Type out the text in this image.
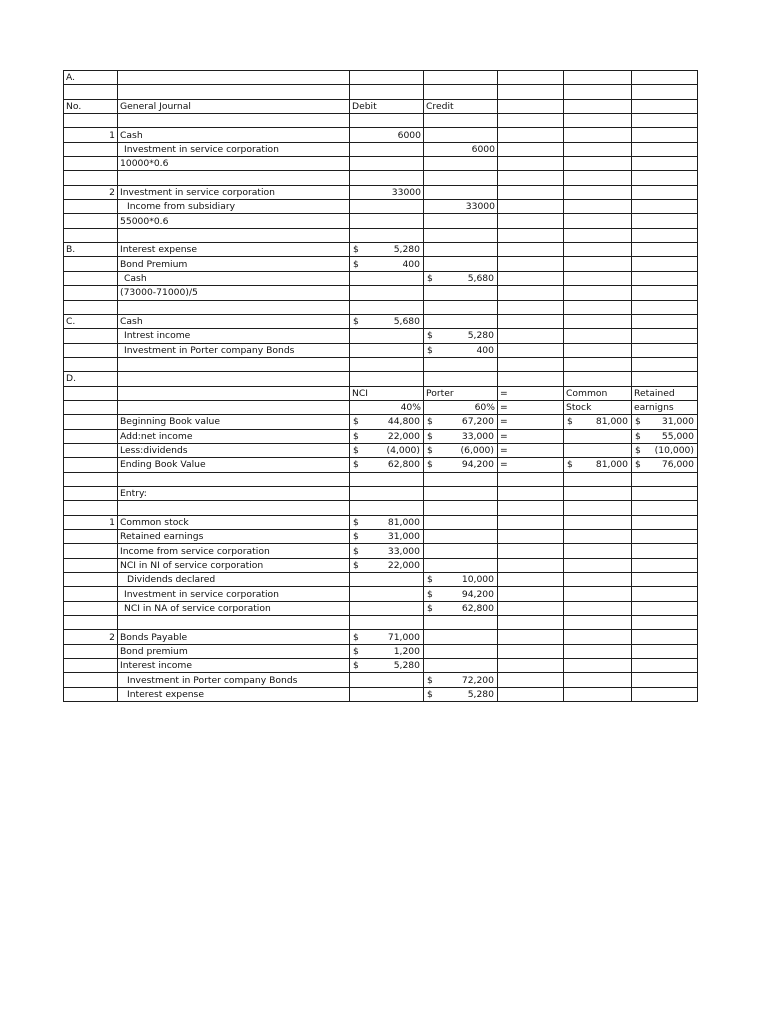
A.						

No.	General Journal	Debit	Credit			

1	Cash	6000				
	Investment in service corporation		6000			
	10000*0.6					

2	Investment in service corporation	33000				
	Income from subsidiary		33000			
	55000*0.6					

B.	Interest expense	$ 5,280				

	Bond Premium	$ 400				

	Cash		$ 5,680			

	(73000-71000)/5					

C.	Cash	$ 5,680				

	Intrest income		$ 5,280			

	Investment in Porter company Bonds		$ 400			

D.						
		NCI	Porter	=	Common	Retained
		40%	60%	=	Stock	earnigns
	Beginning Book value	$ 44,800	$ 67,200	=	$ 81,000	$ 31,000

	Add:net income	$ 22,000	$ 33,000	=		$ 55,000

	Less:dividends	$ (4,000)	$ (6,000)	=		$ (10,000)

	Ending Book Value	$ 62,800	$ 94,200	=	$ 81,000	$ 76,000

	Entry:					

1	Common stock	$ 81,000				

	Retained earnings	$ 31,000				

	Income from service corporation	$ 33,000				

	NCI in NI of service corporation	$ 22,000				

	Dividends declared		$ 10,000			

	Investment in service corporation		$ 94,200			

	NCI in NA of service corporation		$ 62,800			

2	Bonds Payable	$ 71,000				

	Bond premium	$ 1,200				

	Interest income	$ 5,280				

	Investment in Porter company Bonds		$ 72,200			

	Interest expense		$ 5,280			
